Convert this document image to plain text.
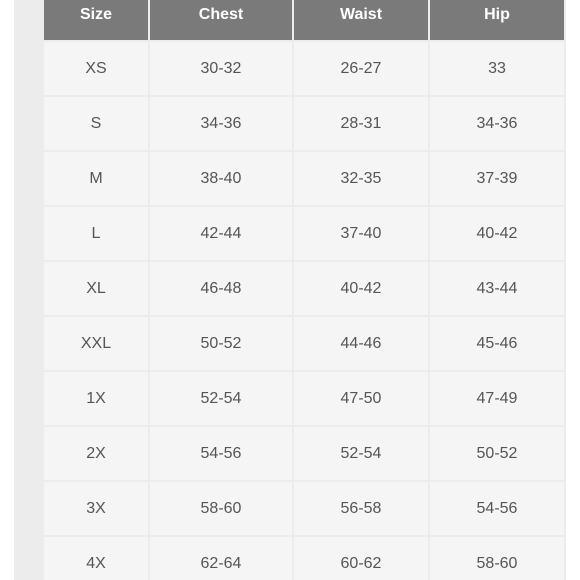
Size	Chest	Waist	Hip
XS	30-32	26-27	33
S	34-36	28-31	34-36
M	38-40	32-35	37-39
L	42-44	37-40	40-42
XL	46-48	40-42	43-44
XXL	50-52	44-46	45-46
1X	52-54	47-50	47-49
2X	54-56	52-54	50-52
3X	58-60	56-58	54-56
4X	62-64	60-62	58-60
